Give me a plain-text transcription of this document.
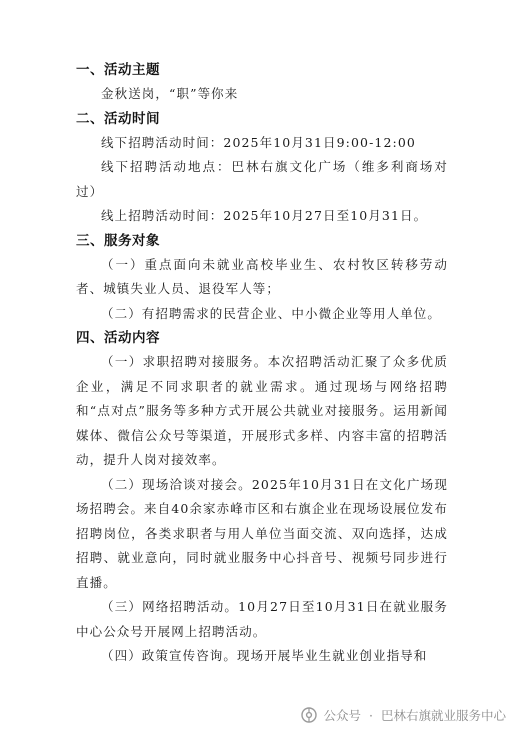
一、活动主题

金秋送岗，“职”等你来

二、活动时间

线下招聘活动时间：2025年10月31日9:00-12:00

线下招聘活动地点：巴林右旗文化广场（维多利商场对过）

线上招聘活动时间：2025年10月27日至10月31日。

三、服务对象

（一）重点面向未就业高校毕业生、农村牧区转移劳动者、城镇失业人员、退役军人等；

（二）有招聘需求的民营企业、中小微企业等用人单位。

四、活动内容

（一）求职招聘对接服务。本次招聘活动汇聚了众多优质企业，满足不同求职者的就业需求。通过现场与网络招聘和“点对点”服务等多种方式开展公共就业对接服务。运用新闻媒体、微信公众号等渠道，开展形式多样、内容丰富的招聘活动，提升人岗对接效率。

（二）现场洽谈对接会。2025年10月31日在文化广场现场招聘会。来自40余家赤峰市区和右旗企业在现场设展位发布招聘岗位，各类求职者与用人单位当面交流、双向选择，达成招聘、就业意向，同时就业服务中心抖音号、视频号同步进行直播。

（三）网络招聘活动。10月27日至10月31日在就业服务中心公众号开展网上招聘活动。

（四）政策宣传咨询。现场开展毕业生就业创业指导和

公众号 · 巴林右旗就业服务中心
